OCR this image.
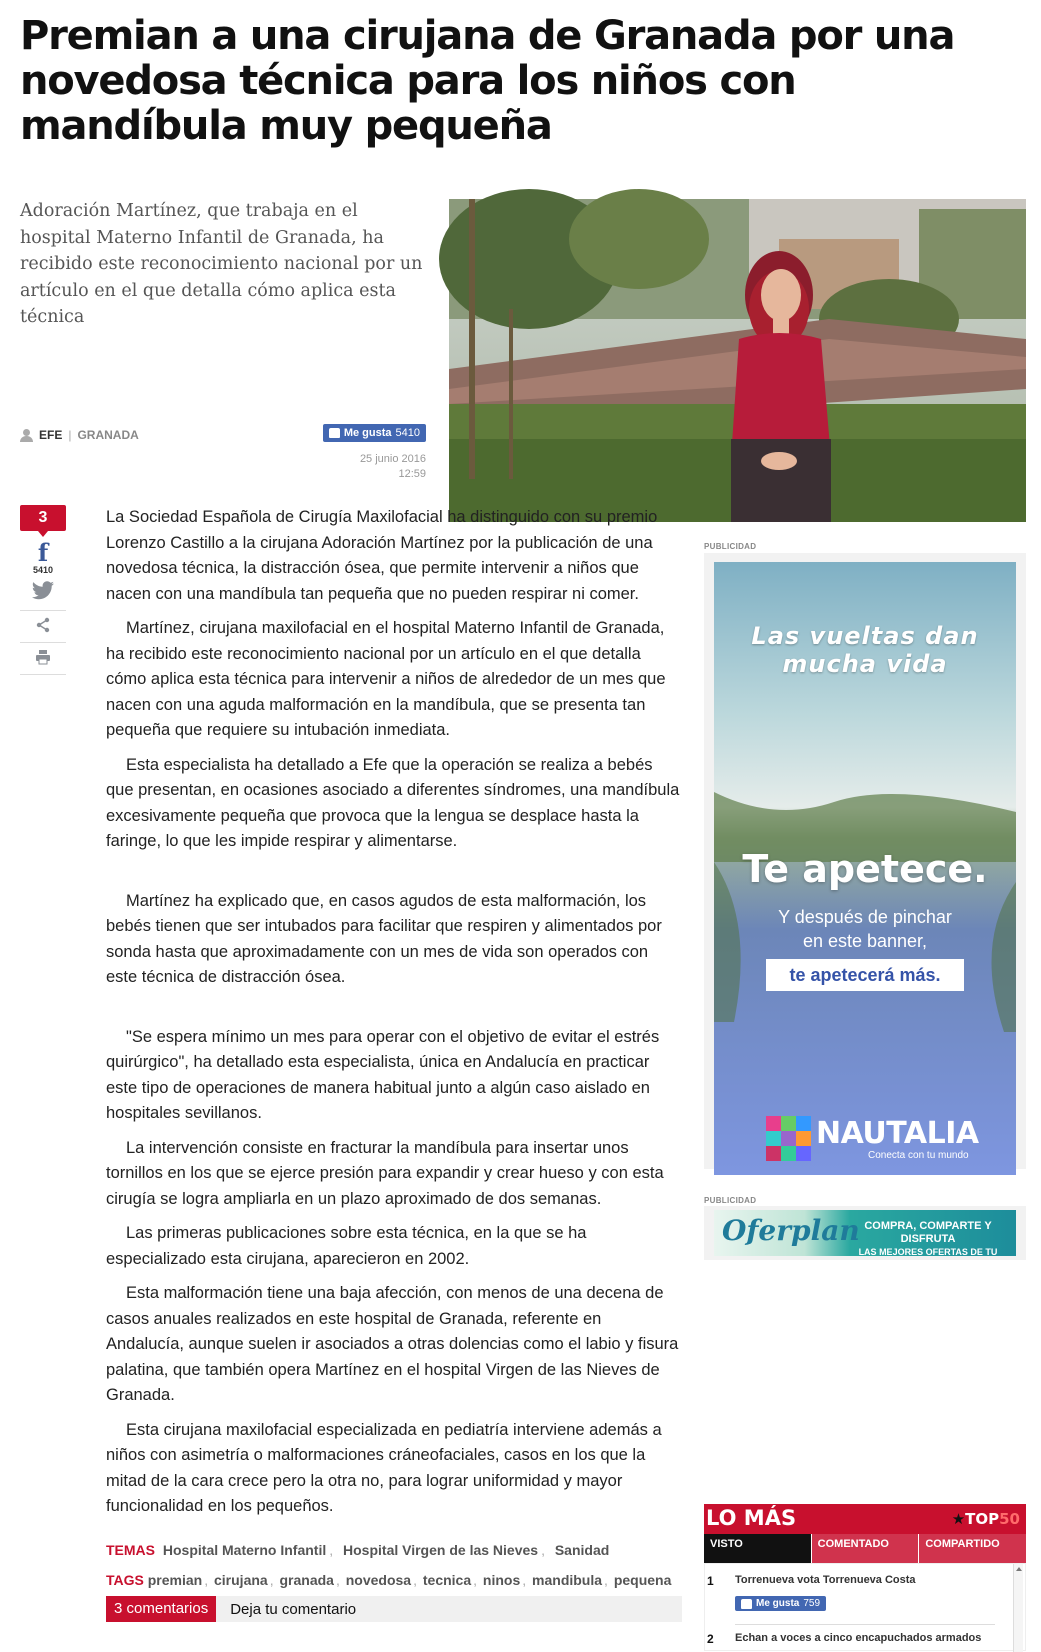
Premian a una cirujana de Granada por una novedosa técnica para los niños con mandíbula muy pequeña

Adoración Martínez, que trabaja en el hospital Materno Infantil de Granada, ha recibido este reconocimiento nacional por un artículo en el que detalla cómo aplica esta técnica

EFE | GRANADA	Me gusta 5410
25 junio 2016
12:59
3
f
5410

La Sociedad Española de Cirugía Maxilofacial ha distinguido con su premio Lorenzo Castillo a la cirujana Adoración Martínez por la publicación de una novedosa técnica, la distracción ósea, que permite intervenir a niños que nacen con una mandíbula tan pequeña que no pueden respirar ni comer.

Martínez, cirujana maxilofacial en el hospital Materno Infantil de Granada, ha recibido este reconocimiento nacional por un artículo en el que detalla cómo aplica esta técnica para intervenir a niños de alrededor de un mes que nacen con una aguda malformación en la mandíbula, que se presenta tan pequeña que requiere su intubación inmediata.

Esta especialista ha detallado a Efe que la operación se realiza a bebés que presentan, en ocasiones asociado a diferentes síndromes, una mandíbula excesivamente pequeña que provoca que la lengua se desplace hasta la faringe, lo que les impide respirar y alimentarse.

Martínez ha explicado que, en casos agudos de esta malformación, los bebés tienen que ser intubados para facilitar que respiren y alimentados por sonda hasta que aproximadamente con un mes de vida son operados con este técnica de distracción ósea.

"Se espera mínimo un mes para operar con el objetivo de evitar el estrés quirúrgico", ha detallado esta especialista, única en Andalucía en practicar este tipo de operaciones de manera habitual junto a algún caso aislado en hospitales sevillanos.

La intervención consiste en fracturar la mandíbula para insertar unos tornillos en los que se ejerce presión para expandir y crear hueso y con esta cirugía se logra ampliarla en un plazo aproximado de dos semanas.

Las primeras publicaciones sobre esta técnica, en la que se ha especializado esta cirujana, aparecieron en 2002.

Esta malformación tiene una baja afección, con menos de una decena de casos anuales realizados en este hospital de Granada, referente en Andalucía, aunque suelen ir asociados a otras dolencias como el labio y fisura palatina, que también opera Martínez en el hospital Virgen de las Nieves de Granada.

Esta cirujana maxilofacial especializada en pediatría interviene además a niños con asimetría o malformaciones cráneofaciales, casos en los que la mitad de la cara crece pero la otra no, para lograr uniformidad y mayor funcionalidad en los pequeños.

PUBLICIDAD
Las vueltas dan mucha vida
Te apetece.
Y después de pinchar en este banner,
te apetecerá más.
NAUTALIA
Conecta con tu mundo
PUBLICIDAD
Oferplan COMPRA, COMPARTE Y DISFRUTA
LAS MEJORES OFERTAS DE TU CIUDAD
TEMAS Hospital Materno Infantil , Hospital Virgen de las Nieves , Sanidad
TAGS premian , cirujana , granada , novedosa , tecnica , ninos , mandibula , pequena
3 comentarios	Deja tu comentario
LO MÁS	★TOP50
VISTO	COMENTADO	COMPARTIDO
1 Torrenueva vota Torrenueva Costa
Me gusta 759
2 Echan a voces a cinco encapuchados armados
